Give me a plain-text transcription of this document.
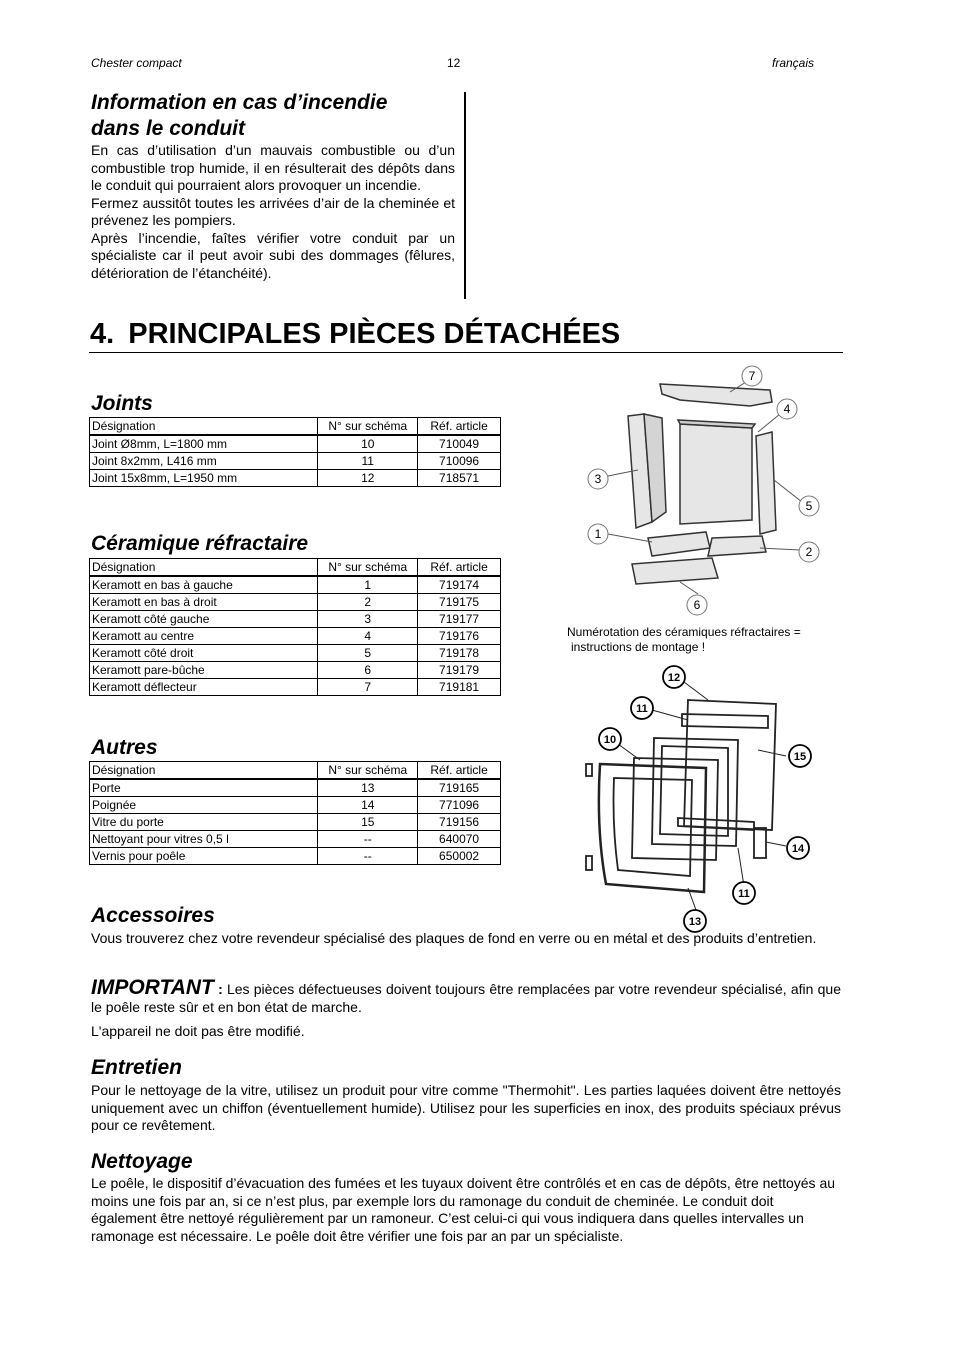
Chester compact	12	français
Information en cas d’incendie
dans le conduit

En cas d’utilisation d’un mauvais combustible ou d’un combustible trop humide, il en résulterait des dépôts dans le conduit qui pourraient alors provoquer un incendie.

Fermez aussitôt toutes les arrivées d’air de la cheminée et prévenez les pompiers.

Après l’incendie, faîtes vérifier votre conduit par un spécialiste car il peut avoir subi des dommages (fêlures, détérioration de l’étanchéité).

4. PRINCIPALES PIÈCES DÉTACHÉES
Joints
Désignation	N° sur schéma	Réf. article
Joint Ø8mm, L=1800 mm	10	710049
Joint 8x2mm, L416 mm	11	710096
Joint 15x8mm, L=1950 mm	12	718571
Céramique réfractaire
Désignation	N° sur schéma	Réf. article
Keramott en bas à gauche	1	719174
Keramott en bas à droit	2	719175
Keramott côté gauche	3	719177
Keramott au centre	4	719176
Keramott côté droit	5	719178
Keramott pare-bûche	6	719179
Keramott déflecteur	7	719181
Autres
Désignation	N° sur schéma	Réf. article
Porte	13	719165
Poignée	14	771096
Vitre du porte	15	719156
Nettoyant pour vitres 0,5 l	--	640070
Vernis pour poêle	--	650002
7
4
3
5
1
2
6
Numérotation des céramiques réfractaires =
instructions de montage !
12
11
10
15
14
11
13
Accessoires
Vous trouverez chez votre revendeur spécialisé des plaques de fond en verre ou en métal et des produits d’entretien.
IMPORTANT : Les pièces défectueuses doivent toujours être remplacées par votre revendeur spécialisé, afin que le poêle reste sûr et en bon état de marche.
L'appareil ne doit pas être modifié.
Entretien
Pour le nettoyage de la vitre, utilisez un produit pour vitre comme "Thermohit". Les parties laquées doivent être nettoyés uniquement avec un chiffon (éventuellement humide). Utilisez pour les superficies en inox, des produits spéciaux prévus pour ce revêtement.
Nettoyage
Le poêle, le dispositif d’évacuation des fumées et les tuyaux doivent être contrôlés et en cas de dépôts, être nettoyés au moins une fois par an, si ce n’est plus, par exemple lors du ramonage du conduit de cheminée. Le conduit doit également être nettoyé régulièrement par un ramoneur. C’est celui-ci qui vous indiquera dans quelles intervalles un ramonage est nécessaire. Le poêle doit être vérifier une fois par an par un spécialiste.
